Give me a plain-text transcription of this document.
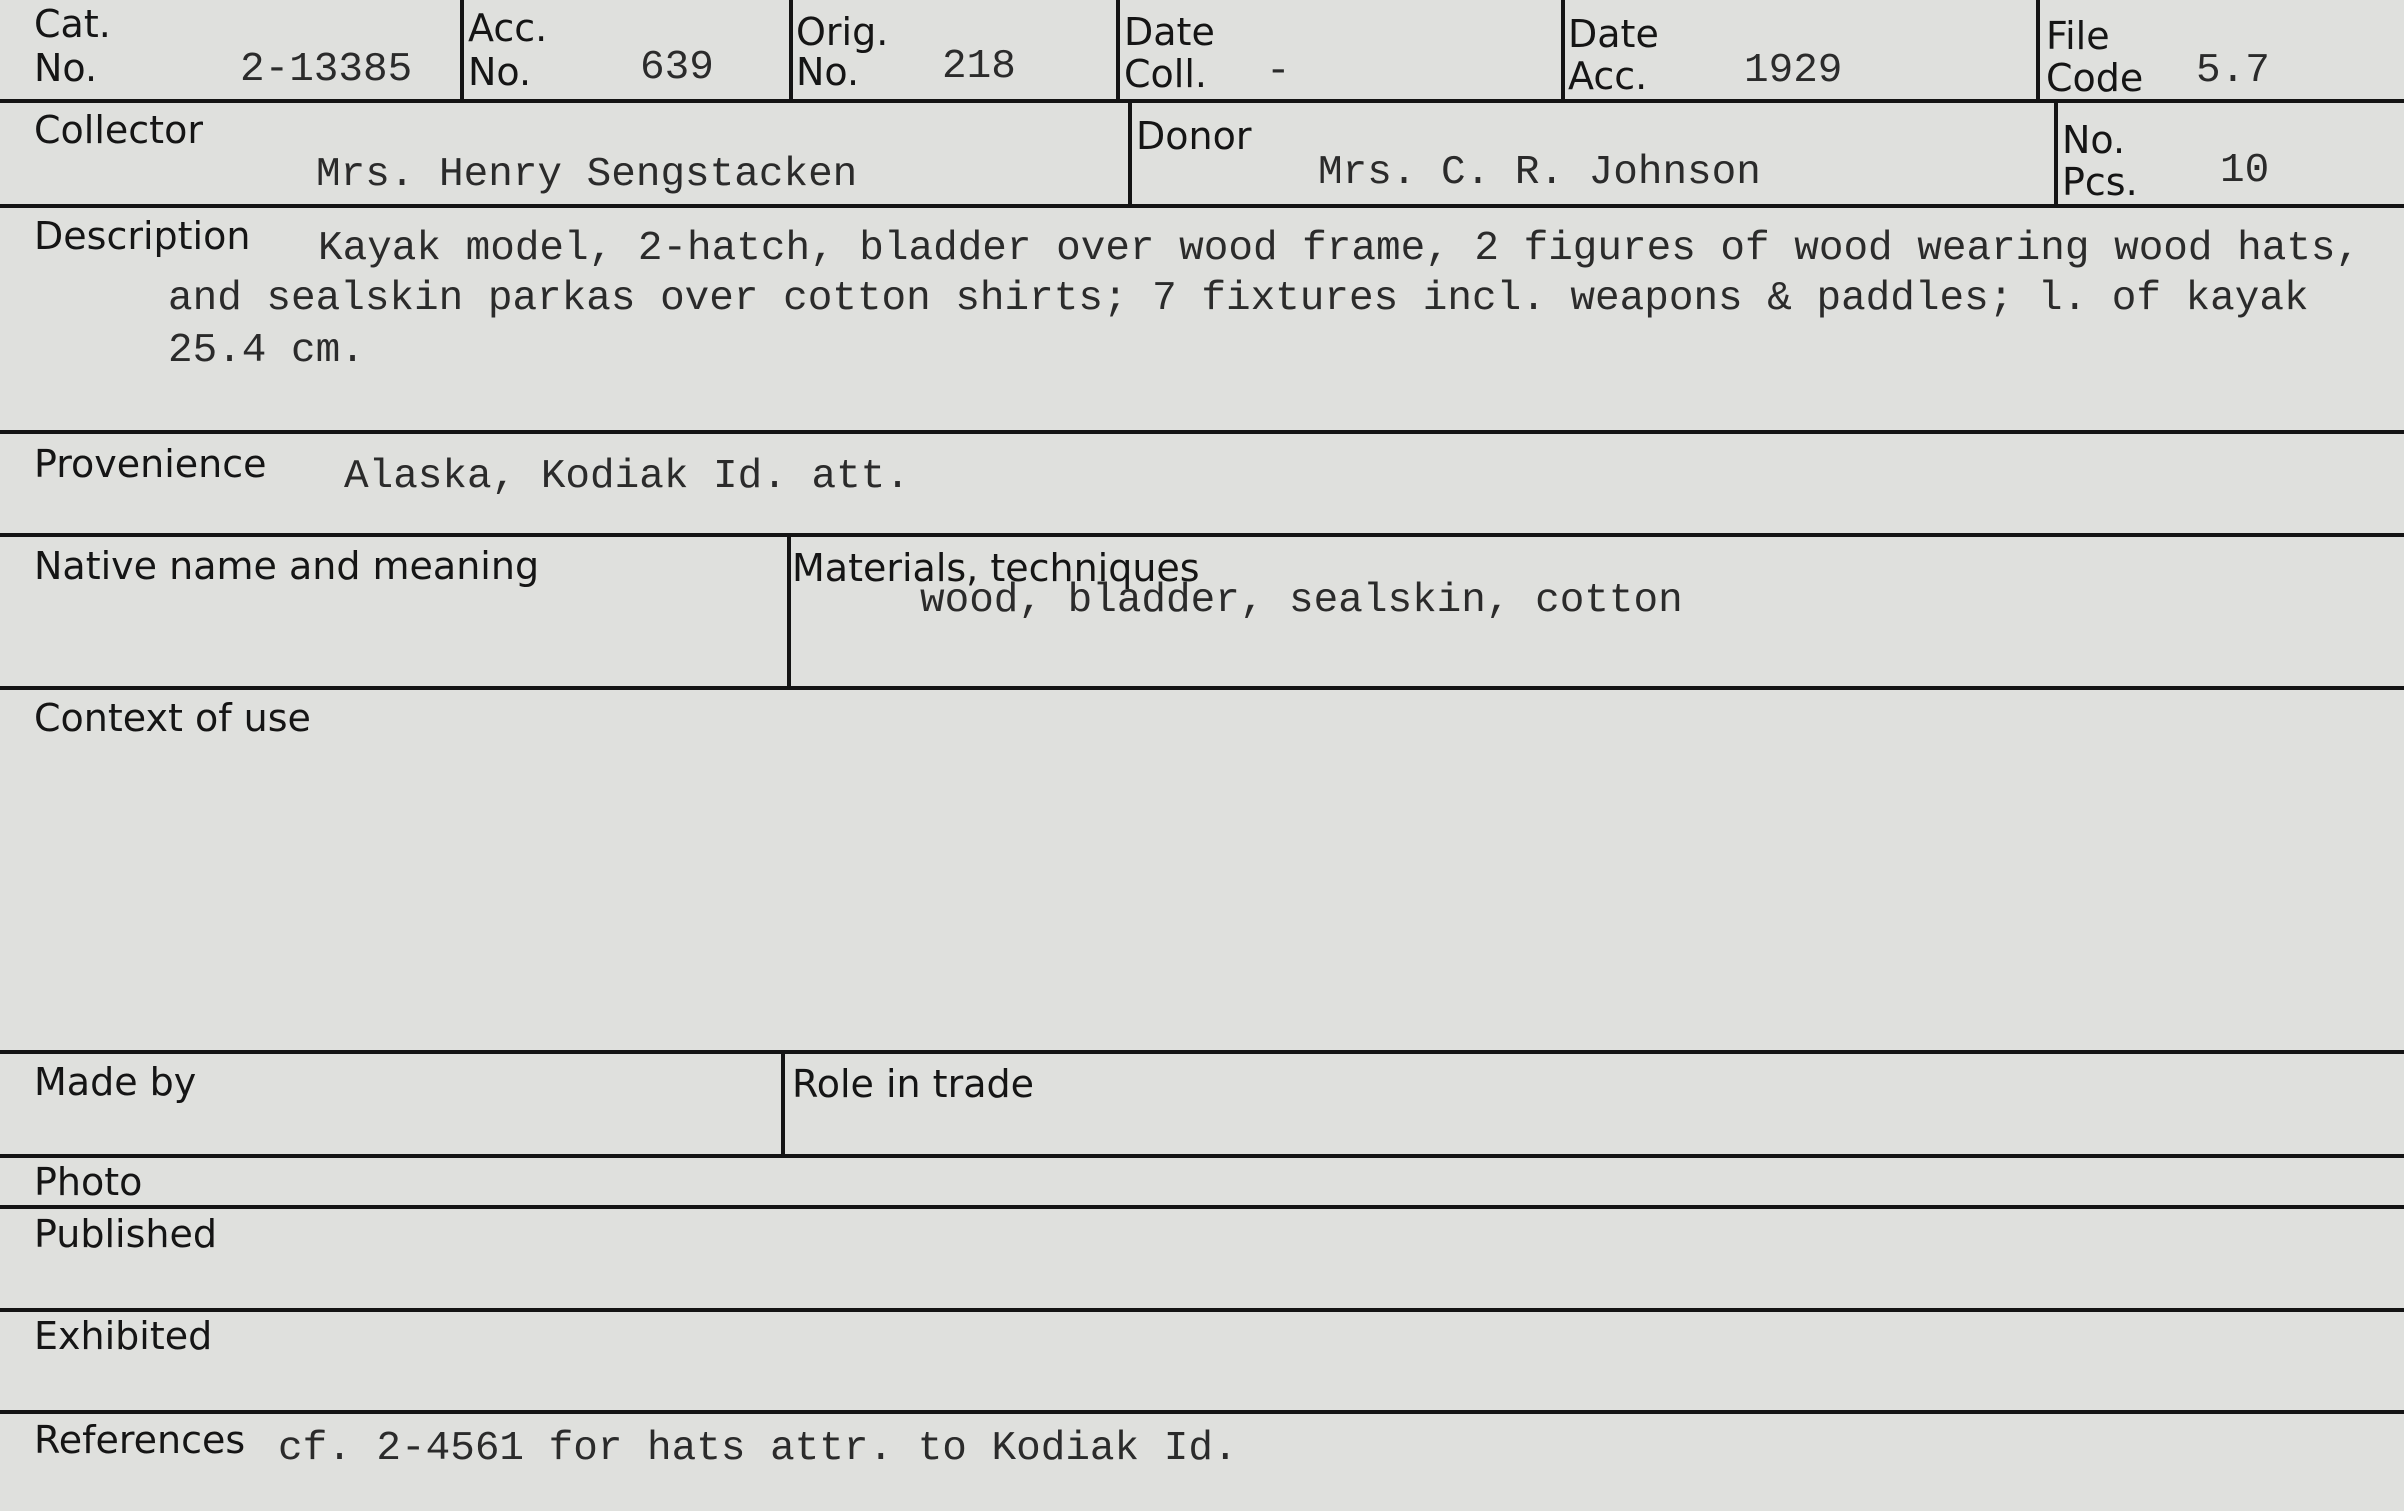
Cat.
No.	2-13385
Acc.
No.	639
Orig.
No. 218
Date
Coll. -
Date
Acc. 1929
File
Code 5.7
Collector
Mrs. Henry Sengstacken
Donor
Mrs. C. R. Johnson
No.
Pcs. 10
Description Kayak model, 2-hatch, bladder over wood frame, 2 figures of wood wearing wood hats,
and sealskin parkas over cotton shirts; 7 fixtures incl. weapons & paddles; l. of kayak
25.4 cm.
Provenience Alaska, Kodiak Id. att.
Native name and meaning	Materials, techniques
wood, bladder, sealskin, cotton
Context of use
Made by	Role in trade
Photo
Published
Exhibited
References cf. 2-4561 for hats attr. to Kodiak Id.
